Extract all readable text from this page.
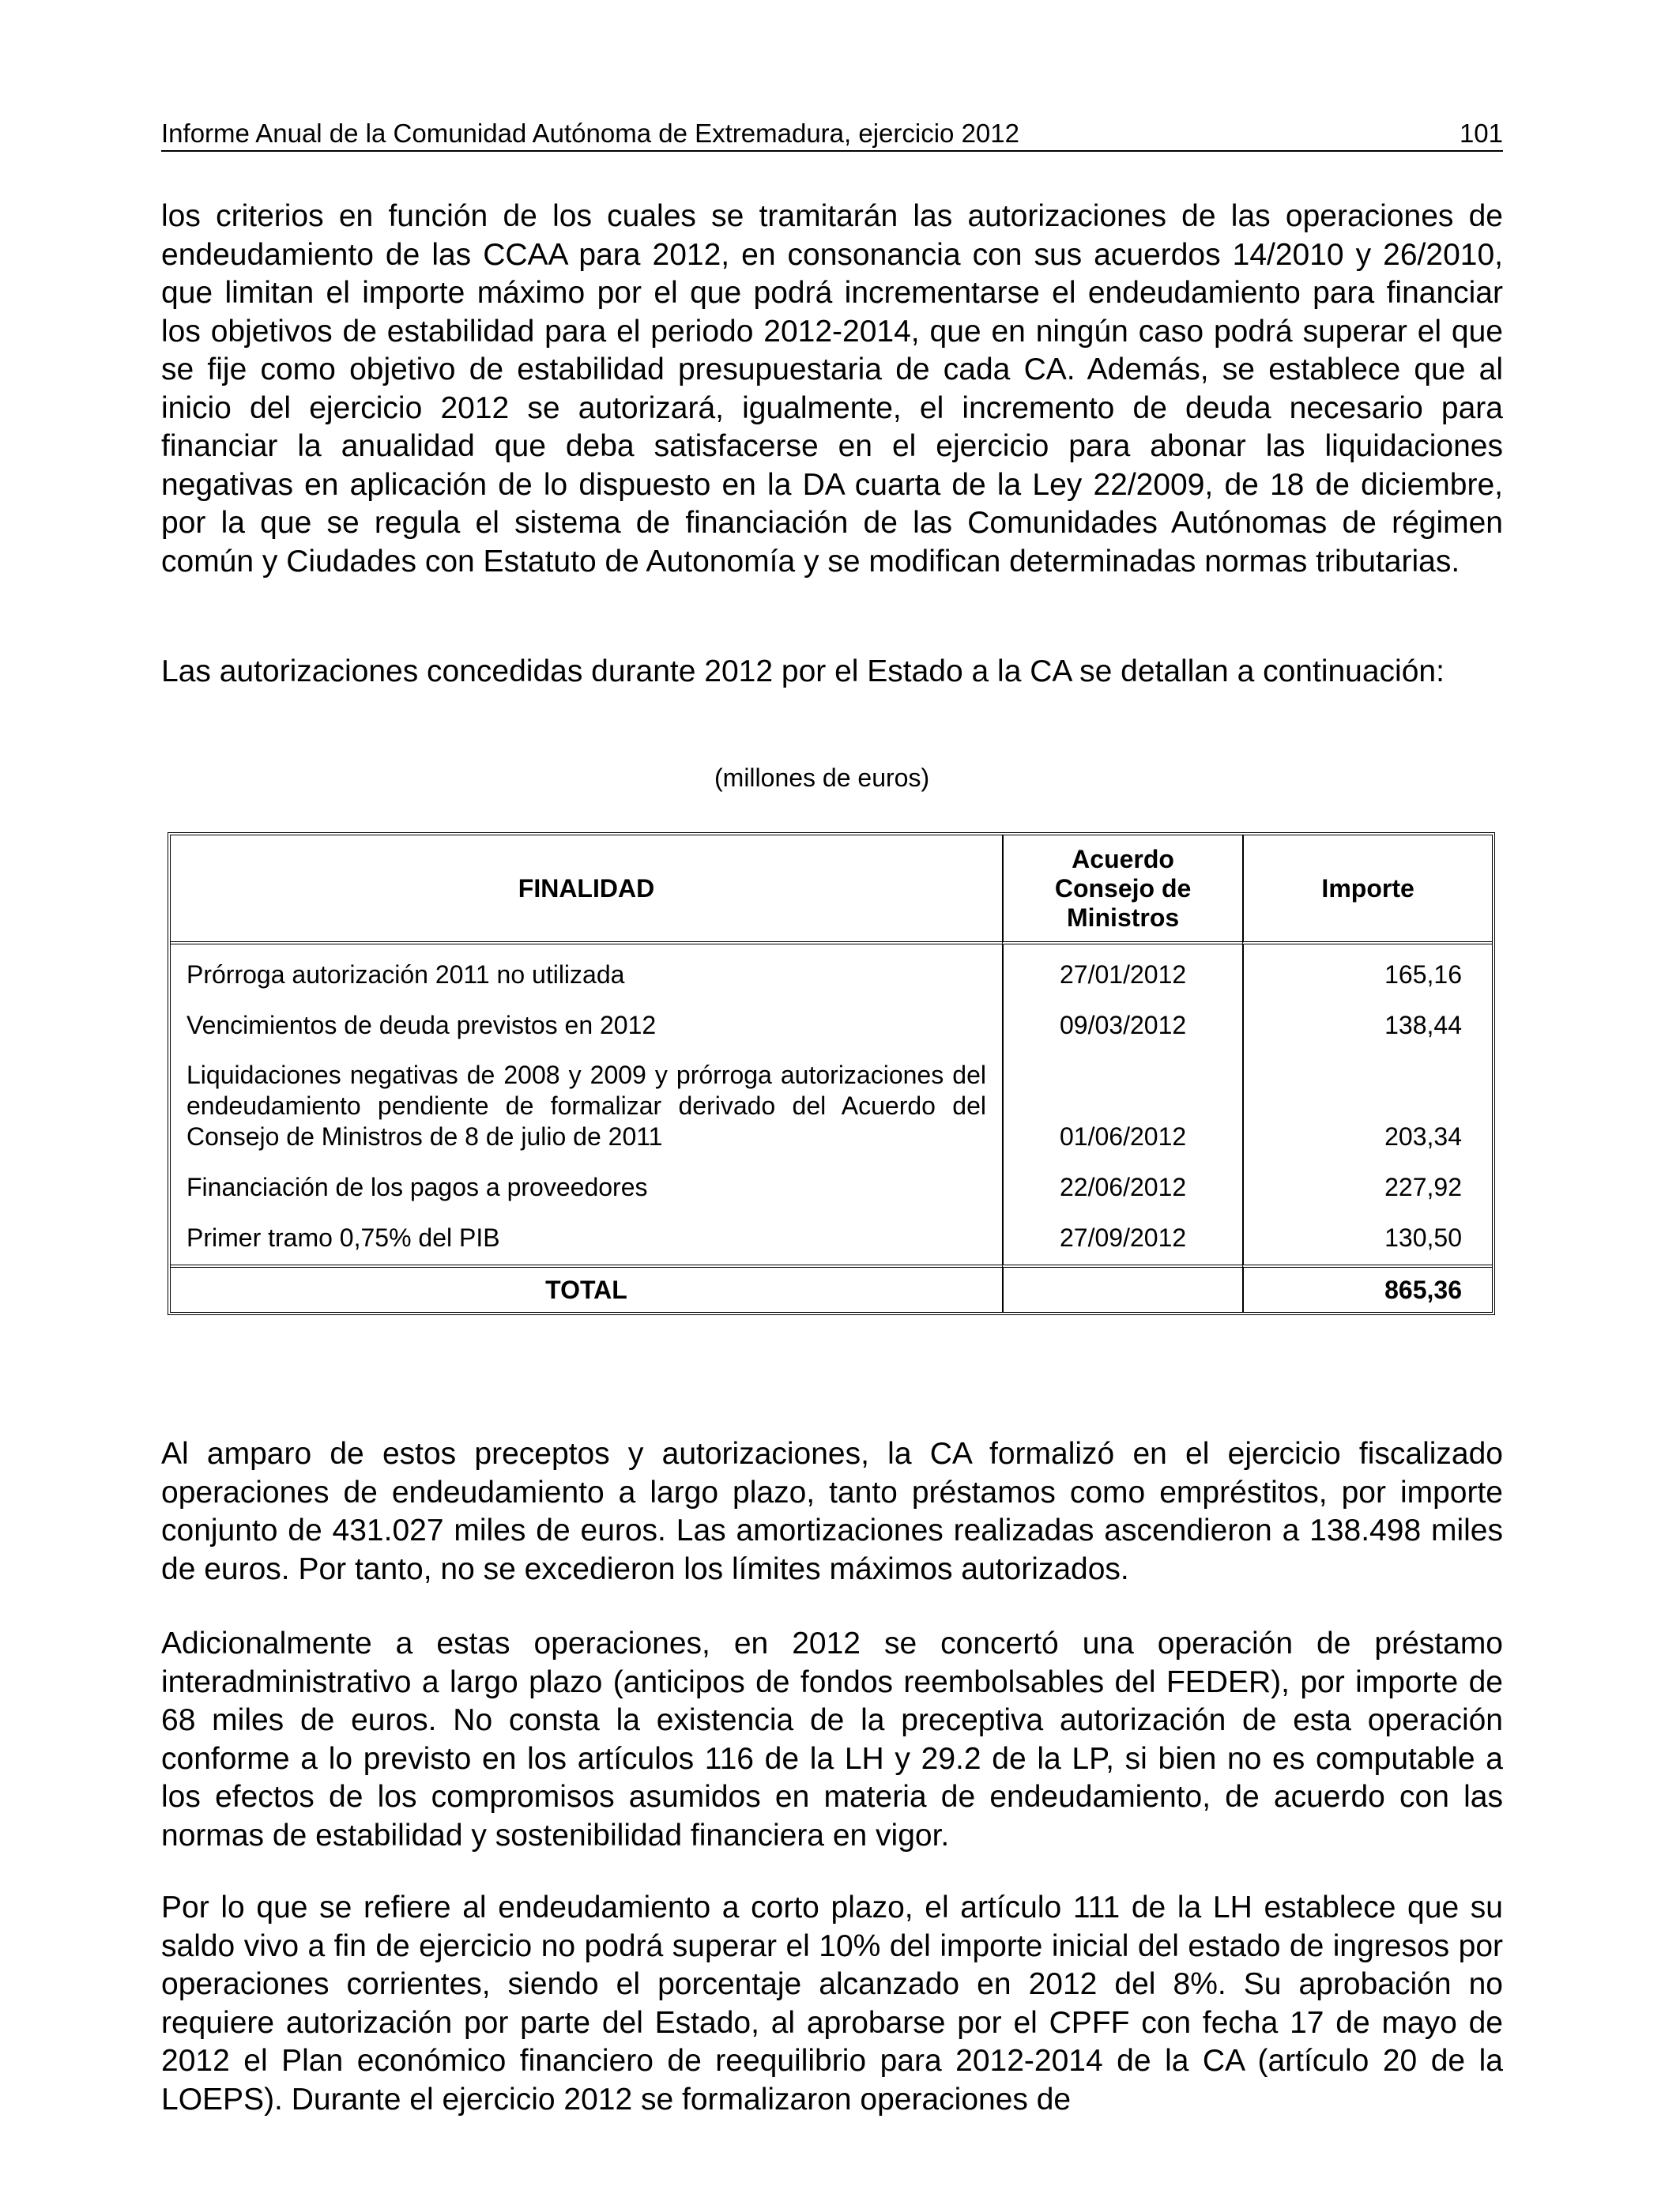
Informe Anual de la Comunidad Autónoma de Extremadura, ejercicio 2012	101

los criterios en función de los cuales se tramitarán las autorizaciones de las operaciones de endeudamiento de las CCAA para 2012, en consonancia con sus acuerdos 14/2010 y 26/2010, que limitan el importe máximo por el que podrá incrementarse el endeudamiento para financiar los objetivos de estabilidad para el periodo 2012-2014, que en ningún caso podrá superar el que se fije como objetivo de estabilidad presupuestaria de cada CA. Además, se establece que al inicio del ejercicio 2012 se autorizará, igualmente, el incremento de deuda necesario para financiar la anualidad que deba satisfacerse en el ejercicio para abonar las liquidaciones negativas en aplicación de lo dispuesto en la DA cuarta de la Ley 22/2009, de 18 de diciembre, por la que se regula el sistema de financiación de las Comunidades Autónomas de régimen común y Ciudades con Estatuto de Autonomía y se modifican determinadas normas tributarias.

Las autorizaciones concedidas durante 2012 por el Estado a la CA se detallan a continuación:

(millones de euros)
FINALIDAD	Acuerdo
Consejo de
Ministros	Importe
Prórroga autorización 2011 no utilizada	27/01/2012	165,16
Vencimientos de deuda previstos en 2012	09/03/2012	138,44
Liquidaciones negativas de 2008 y 2009 y prórroga autorizaciones del endeudamiento pendiente de formalizar derivado del Acuerdo del Consejo de Ministros de 8 de julio de 2011	01/06/2012	203,34
Financiación de los pagos a proveedores	22/06/2012	227,92
Primer tramo 0,75% del PIB	27/09/2012	130,50
TOTAL		865,36

Al amparo de estos preceptos y autorizaciones, la CA formalizó en el ejercicio fiscalizado operaciones de endeudamiento a largo plazo, tanto préstamos como empréstitos, por importe conjunto de 431.027 miles de euros. Las amortizaciones realizadas ascendieron a 138.498 miles de euros. Por tanto, no se excedieron los límites máximos autorizados.

Adicionalmente a estas operaciones, en 2012 se concertó una operación de préstamo interadministrativo a largo plazo (anticipos de fondos reembolsables del FEDER), por importe de 68 miles de euros. No consta la existencia de la preceptiva autorización de esta operación conforme a lo previsto en los artículos 116 de la LH y 29.2 de la LP, si bien no es computable a los efectos de los compromisos asumidos en materia de endeudamiento, de acuerdo con las normas de estabilidad y sostenibilidad financiera en vigor.

Por lo que se refiere al endeudamiento a corto plazo, el artículo 111 de la LH establece que su saldo vivo a fin de ejercicio no podrá superar el 10% del importe inicial del estado de ingresos por operaciones corrientes, siendo el porcentaje alcanzado en 2012 del 8%. Su aprobación no requiere autorización por parte del Estado, al aprobarse por el CPFF con fecha 17 de mayo de 2012 el Plan económico financiero de reequilibrio para 2012-2014 de la CA (artículo 20 de la LOEPS). Durante el ejercicio 2012 se formalizaron operaciones de
